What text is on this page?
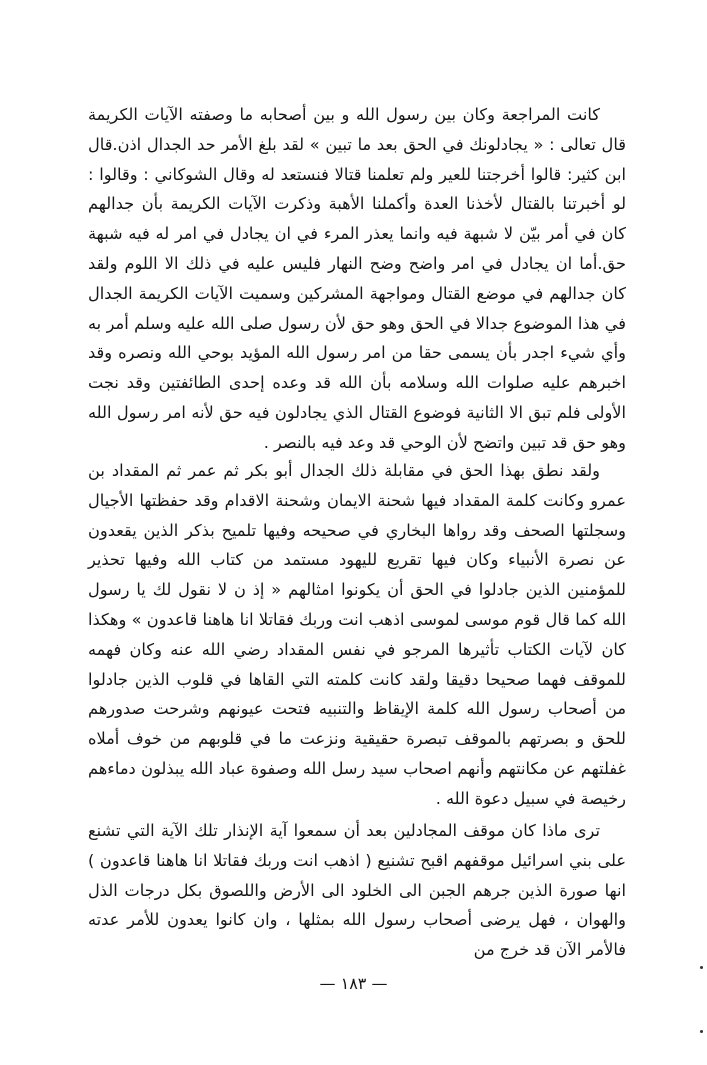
كانت المراجعة وكان بين رسول الله و بين أصحابه ما وصفته الآيات الكريمة قال تعالى : « يجادلونك في الحق بعد ما تبين » لقد بلغ الأمر حد الجدال اذن.قال ابن كثير: قالوا أخرجتنا للعير ولم تعلمنا قتالا فنستعد له وقال الشوكاني : وقالوا : لو أخبرتنا بالقتال لأخذنا العدة وأكملنا الأهبة وذكرت الآيات الكريمة بأن جدالهم كان في أمر بيّن لا شبهة فيه وانما يعذر المرء في ان يجادل في امر له فيه شبهة حق.أما ان يجادل في امر واضح وضح النهار فليس عليه في ذلك الا اللوم ولقد كان جدالهم في موضع القتال ومواجهة المشركين وسميت الآيات الكريمة الجدال في هذا الموضوع جدالا في الحق وهو حق لأن رسول صلى الله عليه وسلم أمر به وأي شيء اجدر بأن يسمى حقا من امر رسول الله المؤيد بوحي الله ونصره وقد اخبرهم عليه صلوات الله وسلامه بأن الله قد وعده إحدى الطائفتين وقد نجت الأولى فلم تبق الا الثانية فوضوع القتال الذي يجادلون فيه حق لأنه امر رسول الله وهو حق قد تبين واتضح لأن الوحي قد وعد فيه بالنصر .

ولقد نطق بهذا الحق في مقابلة ذلك الجدال أبو بكر ثم عمر ثم المقداد بن عمرو وكانت كلمة المقداد فيها شحنة الايمان وشحنة الاقدام وقد حفظتها الأجيال وسجلتها الصحف وقد رواها البخاري في صحيحه وفيها تلميح بذكر الذين يقعدون عن نصرة الأنبياء وكان فيها تقريع لليهود مستمد من كتاب الله وفيها تحذير للمؤمنين الذين جادلوا في الحق أن يكونوا امثالهم « إذ ن لا نقول لك يا رسول الله كما قال قوم موسى لموسى اذهب انت وربك فقاتلا انا هاهنا قاعدون » وهكذا كان لآيات الكتاب تأثيرها المرجو في نفس المقداد رضي الله عنه وكان فهمه للموقف فهما صحيحا دقيقا ولقد كانت كلمته التي القاها في قلوب الذين جادلوا من أصحاب رسول الله كلمة الإيقاظ والتنبيه فتحت عيونهم وشرحت صدورهم للحق و بصرتهم بالموقف تبصرة حقيقية ونزعت ما في قلوبهم من خوف أملاه غفلتهم عن مكانتهم وأنهم اصحاب سيد رسل الله وصفوة عباد الله يبذلون دماءهم رخيصة في سبيل دعوة الله .

ترى ماذا كان موقف المجادلين بعد أن سمعوا آية الإنذار تلك الآية التي تشنع على بني اسرائيل موقفهم اقبح تشنيع ( اذهب انت وربك فقاتلا انا هاهنا قاعدون ) انها صورة الذين جرهم الجبن الى الخلود الى الأرض واللصوق بكل درجات الذل والهوان ، فهل يرضى أصحاب رسول الله بمثلها ، وان كانوا يعدون للأمر عدته فالأمر الآن قد خرج من

— ١٨٣ —
